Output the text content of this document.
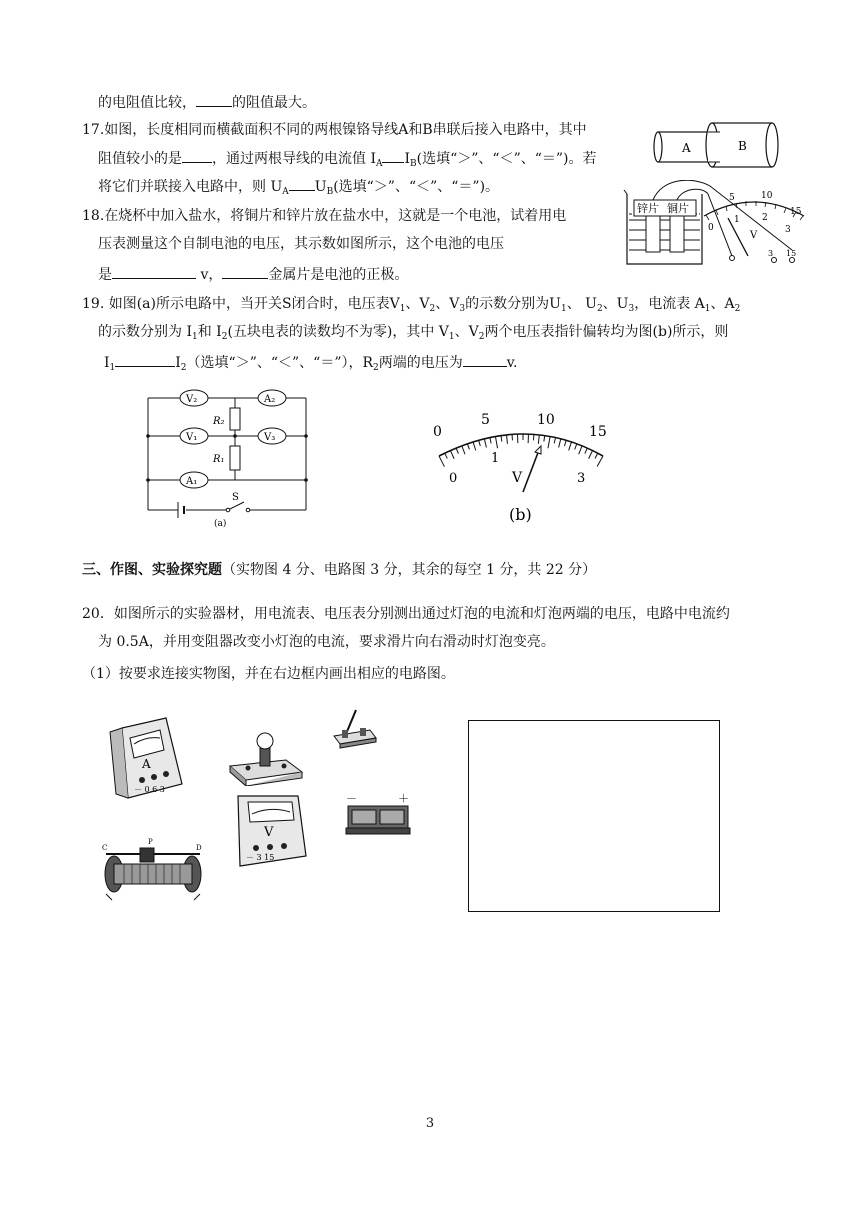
的电阻值比较，	的阻值最大。
17.如图，长度相同而横截面积不同的两根镍铬导线A和B串联后接入电路中，其中
阻值较小的是 ，通过两根导线的电流值 $I_A$ $I_B$(选填“＞”、“＜”、“＝”)。若
将它们并联接入电路中，则 $U_A$ $U_B$(选填“＞”、“＜”、“＝”)。
A	B
18.在烧杯中加入盐水，将铜片和锌片放在盐水中，这就是一个电池，试着用电
压表测量这个自制电池的电压，其示数如图所示，这个电池的电压
是	v，	金属片是电池的正极。
锌片 铜片
5	10
15
0
1 2
3
V
3 15
19. 如图(a)所示电路中，当开关S闭合时，电压表$V_1$、$V_2$、$V_3$的示数分别为$U_1$、 $U_2$、$U_3$，电流表 $A_1$、$A_2$
的示数分别为 $I_1$和 $I_2$(五块电表的读数均不为零)，其中 $V_1$、$V_2$两个电压表指针偏转均为图(b)所示，则
$I_1$	$I_2$（选填“＞”、“＜”、“＝”），$R_2$两端的电压为	v.
V₂	A₂
V₁	V₃
A₁
R₂
R₁
S
(a)
0
5	10
15
0
1
3
V
(b)
三、作图、实验探究题（实物图 4 分、电路图 3 分，其余的每空 1 分，共 22 分）
20．如图所示的实验器材，用电流表、电压表分别测出通过灯泡的电流和灯泡两端的电压，电路中电流约
为 0.5A，并用变阻器改变小灯泡的电流，要求滑片向右滑动时灯泡变亮。
（1）按要求连接实物图，并在右边框内画出相应的电路图。
A
－ 0.6 3
V
－ 3 15
－	＋
C
P
D
3
